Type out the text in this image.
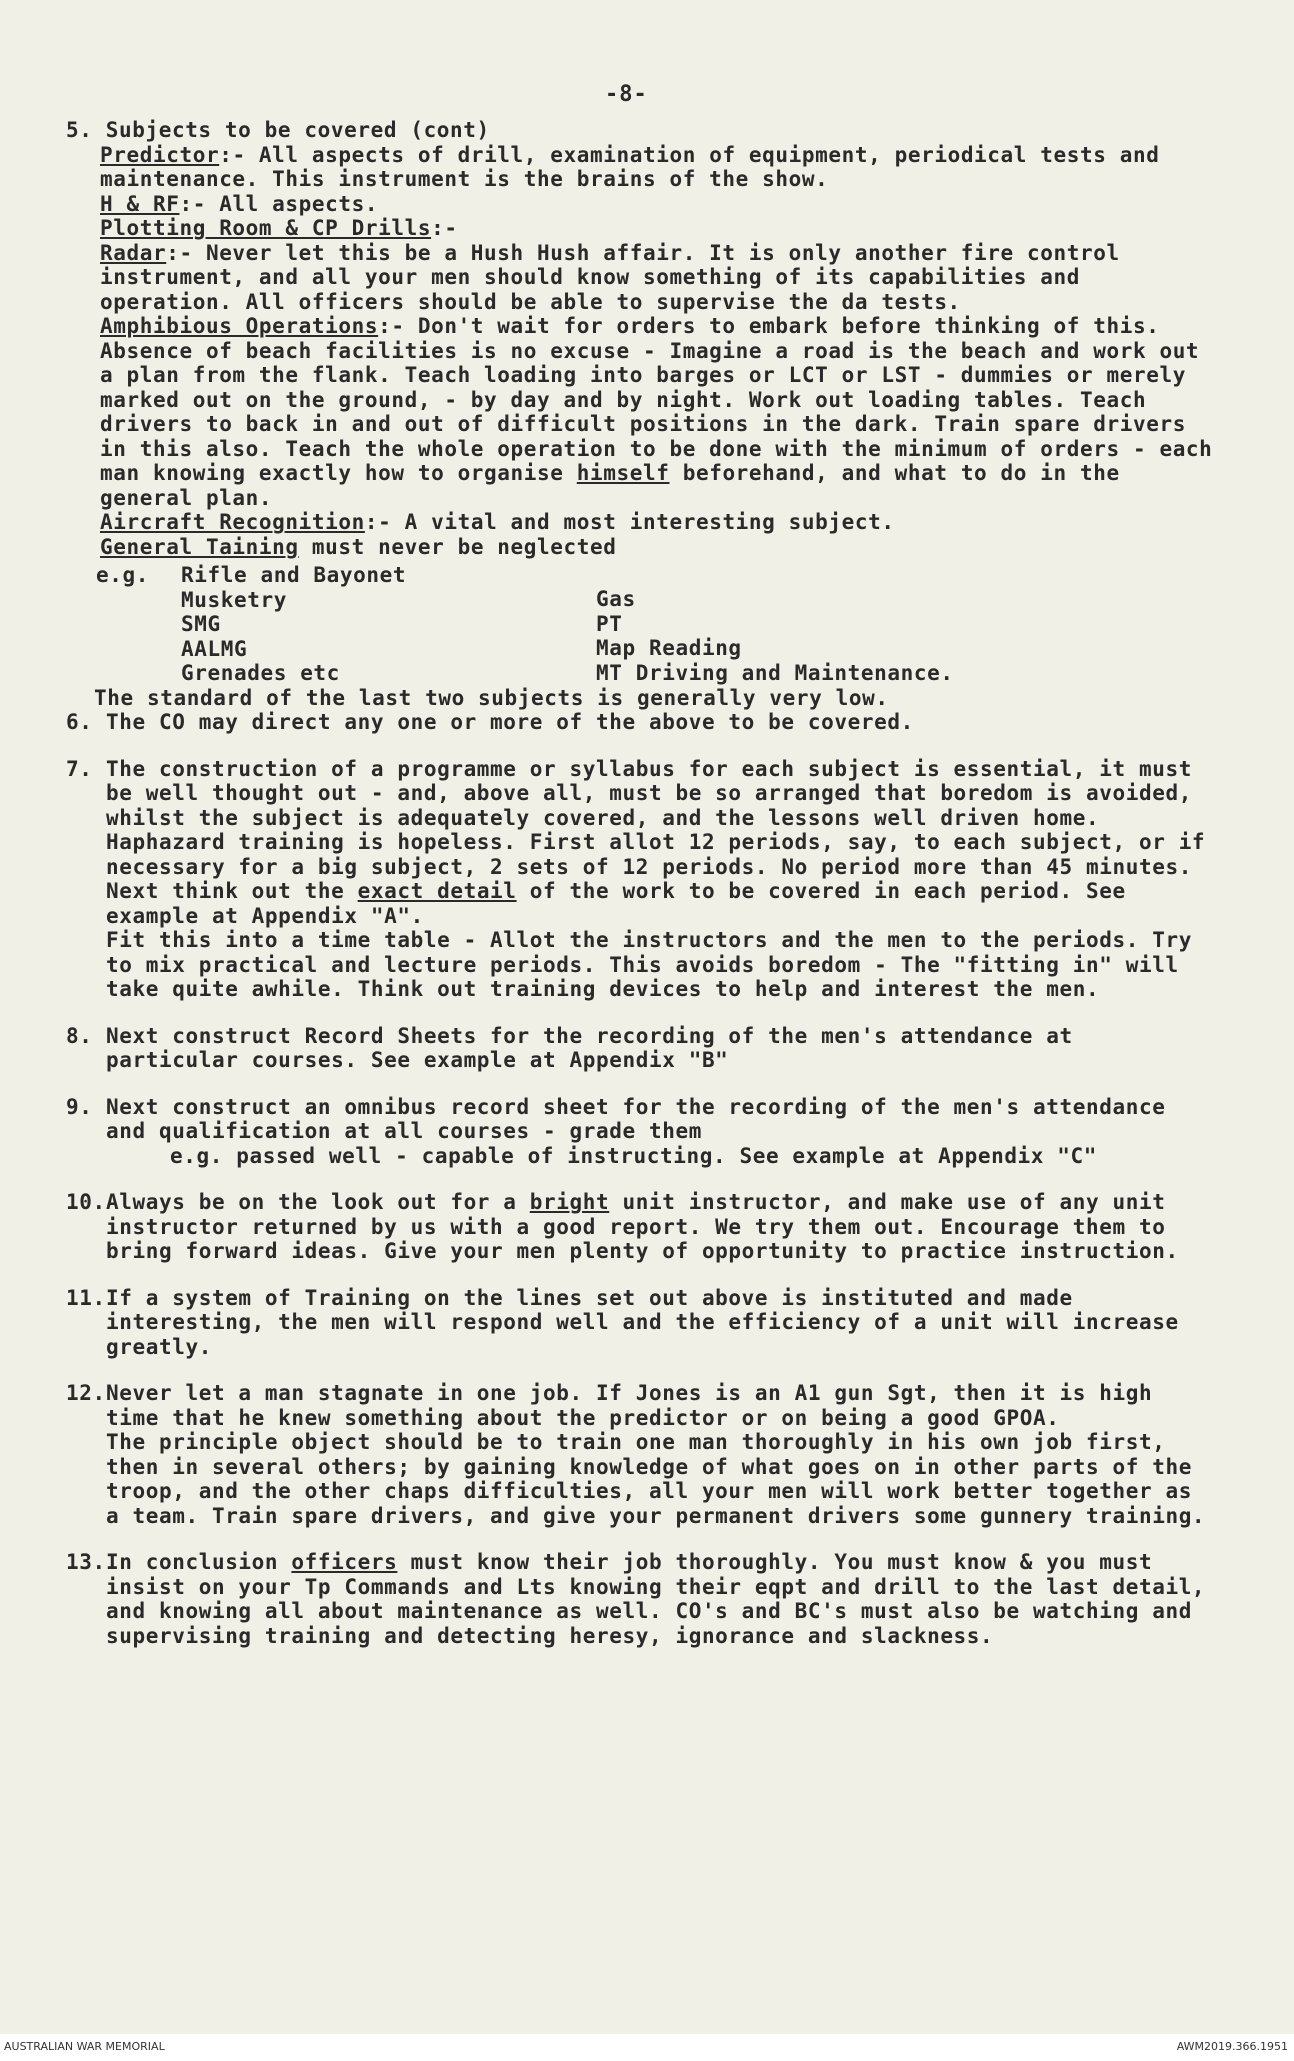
-8-

5. Subjects to be covered (cont)

Predictor:- All aspects of drill, examination of equipment, periodical tests and maintenance. This instrument is the brains of the show.

H & RF:- All aspects.

Plotting Room & CP Drills:-

Radar:- Never let this be a Hush Hush affair. It is only another fire control instrument, and all your men should know something of its capabilities and operation. All officers should be able to supervise the da tests.

Amphibious Operations:- Don't wait for orders to embark before thinking of this. Absence of beach facilities is no excuse - Imagine a road is the beach and work out a plan from the flank. Teach loading into barges or LCT or LST - dummies or merely marked out on the ground, - by day and by night. Work out loading tables. Teach drivers to back in and out of difficult positions in the dark. Train spare drivers in this also. Teach the whole operation to be done with the minimum of orders - each man knowing exactly how to organise himself beforehand, and what to do in the general plan.

Aircraft Recognition:- A vital and most interesting subject.

General Taining must never be neglected

e.g. Rifle and Bayonet
Musketry
SMG
AALMG
Grenades etc
Gas
PT
Map Reading
MT Driving and Maintenance.

The standard of the last two subjects is generally very low.

6. The CO may direct any one or more of the above to be covered.
7. The construction of a programme or syllabus for each subject is essential, it must be well thought out - and, above all, must be so arranged that boredom is avoided, whilst the subject is adequately covered, and the lessons well driven home. Haphazard training is hopeless. First allot 12 periods, say, to each subject, or if necessary for a big subject, 2 sets of 12 periods. No period more than 45 minutes.

Next think out the exact detail of the work to be covered in each period. See example at Appendix "A".

Fit this into a time table - Allot the instructors and the men to the periods. Try to mix practical and lecture periods. This avoids boredom - The "fitting in" will take quite awhile. Think out training devices to help and interest the men.

8. Next construct Record Sheets for the recording of the men's attendance at particular courses. See example at Appendix "B"
9. Next construct an omnibus record sheet for the recording of the men's attendance and qualification at all courses - grade them

e.g. passed well - capable of instructing. See example at Appendix "C"

10. Always be on the look out for a bright unit instructor, and make use of any unit instructor returned by us with a good report. We try them out. Encourage them to bring forward ideas. Give your men plenty of opportunity to practice instruction.
11. If a system of Training on the lines set out above is instituted and made interesting, the men will respond well and the efficiency of a unit will increase greatly.
12. Never let a man stagnate in one job. If Jones is an A1 gun Sgt, then it is high time that he knew something about the predictor or on being a good GPOA.

The principle object should be to train one man thoroughly in his own job first, then in several others; by gaining knowledge of what goes on in other parts of the troop, and the other chaps difficulties, all your men will work better together as a team. Train spare drivers, and give your permanent drivers some gunnery training.

13. In conclusion officers must know their job thoroughly. You must know & you must insist on your Tp Commands and Lts knowing their eqpt and drill to the last detail, and knowing all about maintenance as well. CO's and BC's must also be watching and supervising training and detecting heresy, ignorance and slackness.
AUSTRALIAN WAR MEMORIAL	AWM2019.366.1951
